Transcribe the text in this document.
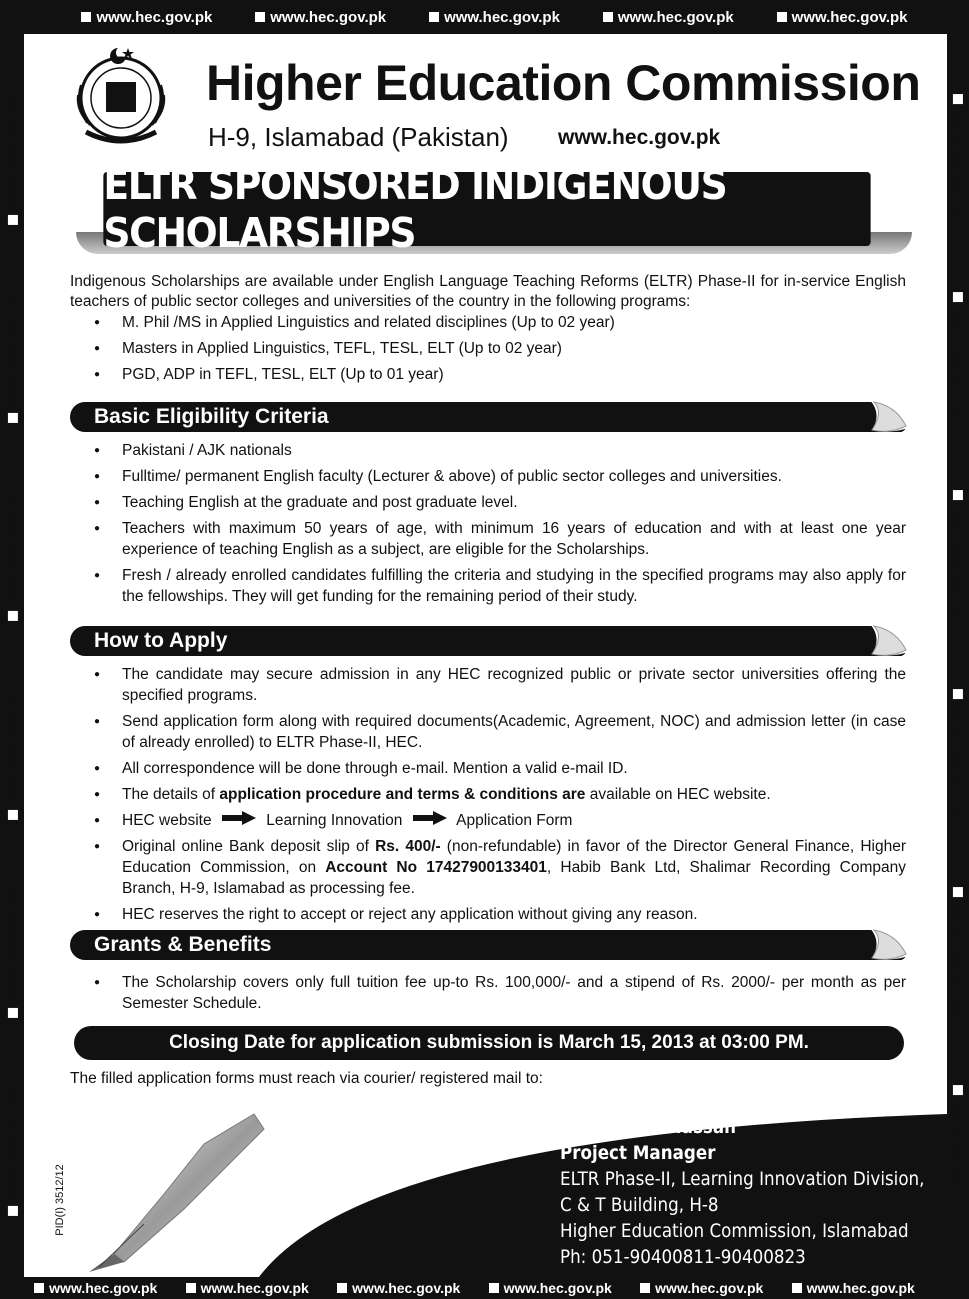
www.hec.gov.pk	www.hec.gov.pk	www.hec.gov.pk	www.hec.gov.pk	www.hec.gov.pk
www.hec.gov.pk	www.hec.gov.pk	www.hec.gov.pk	www.hec.gov.pk	www.hec.gov.pk	www.hec.gov.pk
www.hec.gov.pk
www.hec.gov.pk
www.hec.gov.pk
www.hec.gov.pk
www.hec.gov.pk
www.hec.gov.pk
www.hec.gov.pk
www.hec.gov.pk
www.hec.gov.pk
www.hec.gov.pk
www.hec.gov.pk
www.hec.gov.pk
HEC Higher Education Commission
H-9, Islamabad (Pakistan) www.hec.gov.pk
ELTR SPONSORED INDIGENOUS SCHOLARSHIPS
Indigenous Scholarships are available under English Language Teaching Reforms (ELTR) Phase-II for in-service English teachers of public sector colleges and universities of the country in the following programs:
● M. Phil /MS in Applied Linguistics and related disciplines (Up to 02 year)
● Masters in Applied Linguistics, TEFL, TESL, ELT (Up to 02 year)
● PGD, ADP in TEFL, TESL, ELT (Up to 01 year)
Basic Eligibility Criteria
● Pakistani / AJK nationals
● Fulltime/ permanent English faculty (Lecturer & above) of public sector colleges and universities.
● Teaching English at the graduate and post graduate level.
● Teachers with maximum 50 years of age, with minimum 16 years of education and with at least one year experience of teaching English as a subject, are eligible for the Scholarships.
● Fresh / already enrolled candidates fulfilling the criteria and studying in the specified programs may also apply for the fellowships. They will get funding for the remaining period of their study.
How to Apply
● The candidate may secure admission in any HEC recognized public or private sector universities offering the specified programs.
● Send application form along with required documents(Academic, Agreement, NOC) and admission letter (in case of already enrolled) to ELTR Phase-II, HEC.
● All correspondence will be done through e-mail. Mention a valid e-mail ID.
● The details of application procedure and terms & conditions are available on HEC website.
● HEC website	Learning Innovation	Application Form
● Original online Bank deposit slip of Rs. 400/- (non-refundable) in favor of the Director General Finance, Higher Education Commission, on Account No 17427900133401, Habib Bank Ltd, Shalimar Recording Company Branch, H-9, Islamabad as processing fee.
● HEC reserves the right to accept or reject any application without giving any reason.
Grants & Benefits
● The Scholarship covers only full tuition fee up-to Rs. 100,000/- and a stipend of Rs. 2000/- per month as per Semester Schedule.
Closing Date for application submission is March 15, 2013 at 03:00 PM.
The filled application forms must reach via courier/ registered mail to:
PID(I) 3512/12
Syed Musa Hassan
Project Manager
ELTR Phase-II, Learning Innovation Division,
C & T Building, H-8
Higher Education Commission, Islamabad
Ph: 051-90400811-90400823
